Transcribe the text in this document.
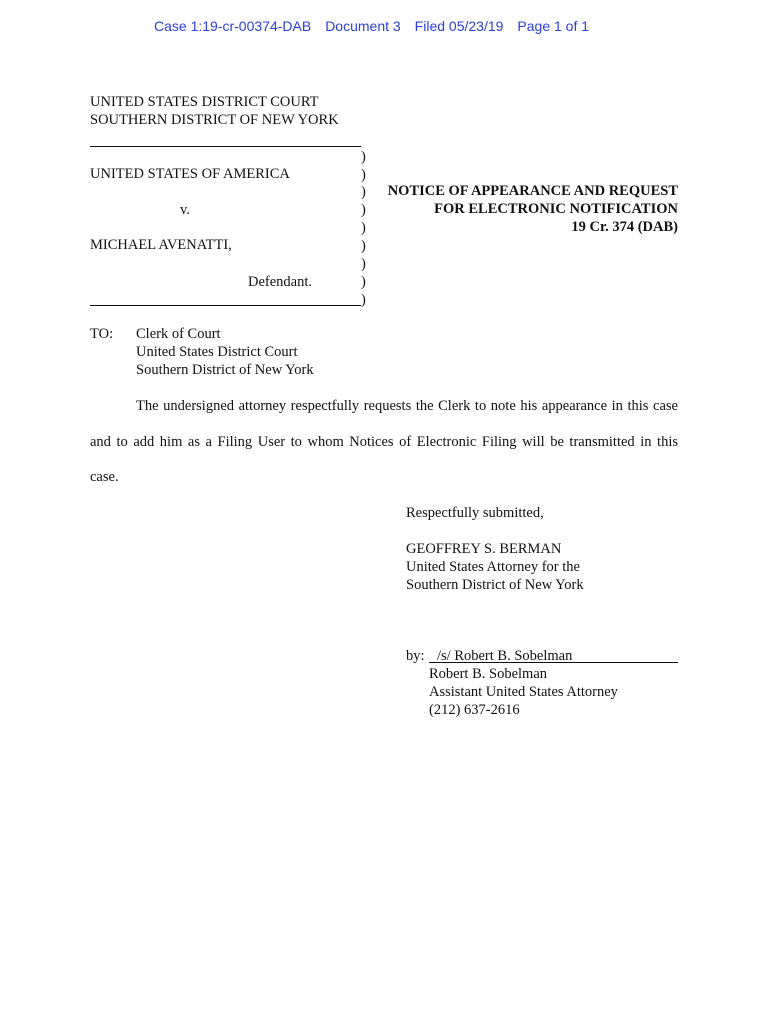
Case 1:19-cr-00374-DAB Document 3 Filed 05/23/19 Page 1 of 1
UNITED STATES DISTRICT COURT
SOUTHERN DISTRICT OF NEW YORK
)
)
)
)
)
)
)
)
)
UNITED STATES OF AMERICA
v.
MICHAEL AVENATTI,
Defendant.
NOTICE OF APPEARANCE AND REQUEST
FOR ELECTRONIC NOTIFICATION
19 Cr. 374 (DAB)
TO: Clerk of Court
United States District Court
Southern District of New York
The undersigned attorney respectfully requests the Clerk to note his appearance in this case
and to add him as a Filing User to whom Notices of Electronic Filing will be transmitted in this
case.
Respectfully submitted,
GEOFFREY S. BERMAN
United States Attorney for the
Southern District of New York
by: /s/ Robert B. Sobelman
Robert B. Sobelman
Assistant United States Attorney
(212) 637-2616
